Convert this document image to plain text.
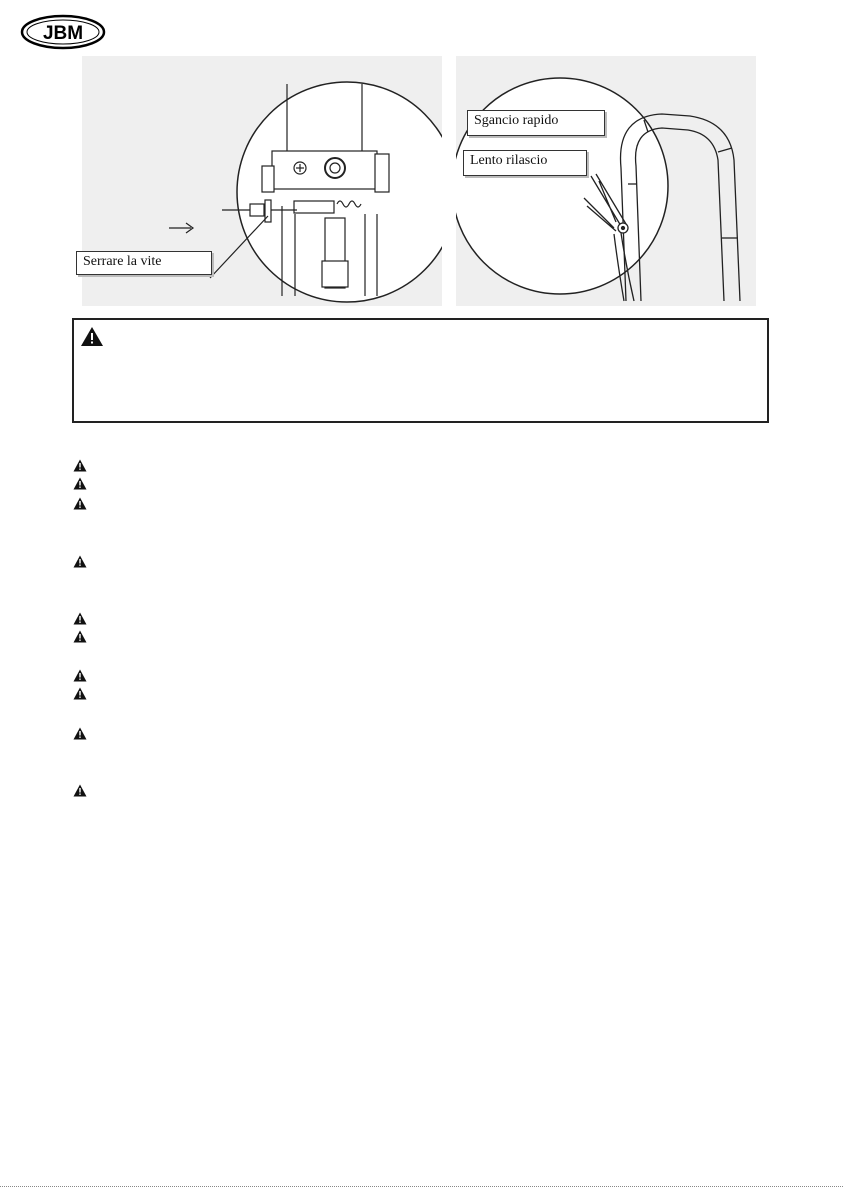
JBM
Serrare la vite
Sgancio rapido
Lento rilascio
